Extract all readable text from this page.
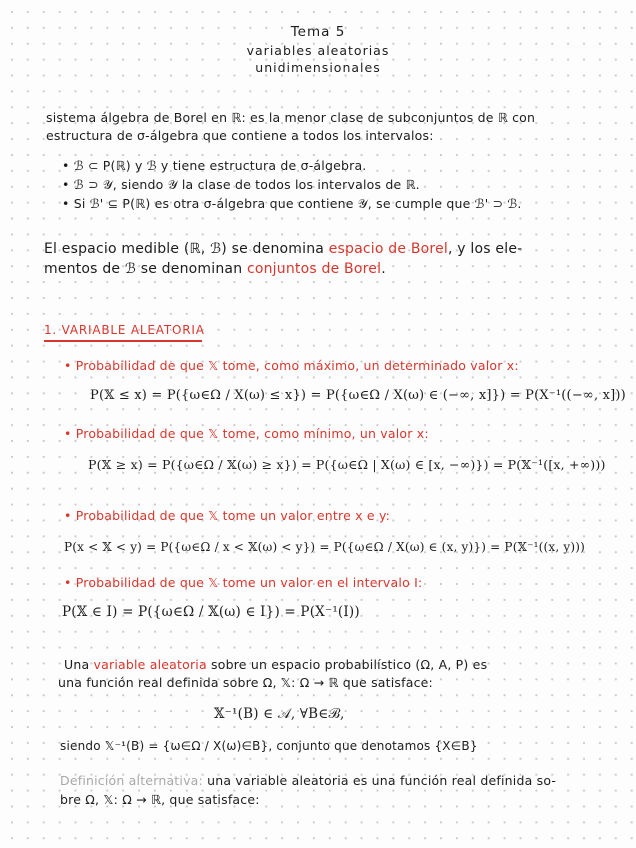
Tema 5
variables aleatorias
unidimensionales
sistema álgebra de Borel en ℝ: es la menor clase de subconjuntos de ℝ con
estructura de σ-álgebra que contiene a todos los intervalos:
• ℬ ⊂ P(ℝ) y ℬ y tiene estructura de σ-álgebra.
• ℬ ⊃ 𝒴, siendo 𝒴 la clase de todos los intervalos de ℝ.
• Si ℬ' ⊆ P(ℝ) es otra σ-álgebra que contiene 𝒴, se cumple que ℬ' ⊃ ℬ.
El espacio medible (ℝ, ℬ) se denomina espacio de Borel, y los ele-
mentos de ℬ se denominan conjuntos de Borel.
1. VARIABLE ALEATORIA
• Probabilidad de que 𝕏 tome, como máximo, un determinado valor x:
P(𝕏 ≤ x) = P({ω∈Ω / X(ω) ≤ x}) = P({ω∈Ω / X(ω) ∈ (−∞, x]}) = P(X⁻¹((−∞, x]))
• Probabilidad de que 𝕏 tome, como mínimo, un valor x:
P(𝕏 ≥ x) = P({ω∈Ω / 𝕏(ω) ≥ x}) = P({ω∈Ω | X(ω) ∈ [x, −∞)}) = P(𝕏⁻¹([x, +∞)))
• Probabilidad de que 𝕏 tome un valor entre x e y:
P(x < 𝕏 < y) = P({ω∈Ω / x < 𝕏(ω) < y}) = P({ω∈Ω / X(ω) ∈ (x, y)}) = P(𝕏⁻¹((x, y)))
• Probabilidad de que 𝕏 tome un valor en el intervalo I:
P(𝕏 ∈ I) = P({ω∈Ω / 𝕏(ω) ∈ I}) = P(X⁻¹(I))
Una variable aleatoria sobre un espacio probabilístico (Ω, A, P) es
una función real definida sobre Ω, 𝕏: Ω → ℝ que satisface:
𝕏⁻¹(B) ∈ 𝒜, ∀B∈ℬ,
siendo 𝕏⁻¹(B) = {ω∈Ω / X(ω)∈B}, conjunto que denotamos {X∈B}
Definición alternativa: una variable aleatoria es una función real definida so-
bre Ω, 𝕏: Ω → ℝ, que satisface:
